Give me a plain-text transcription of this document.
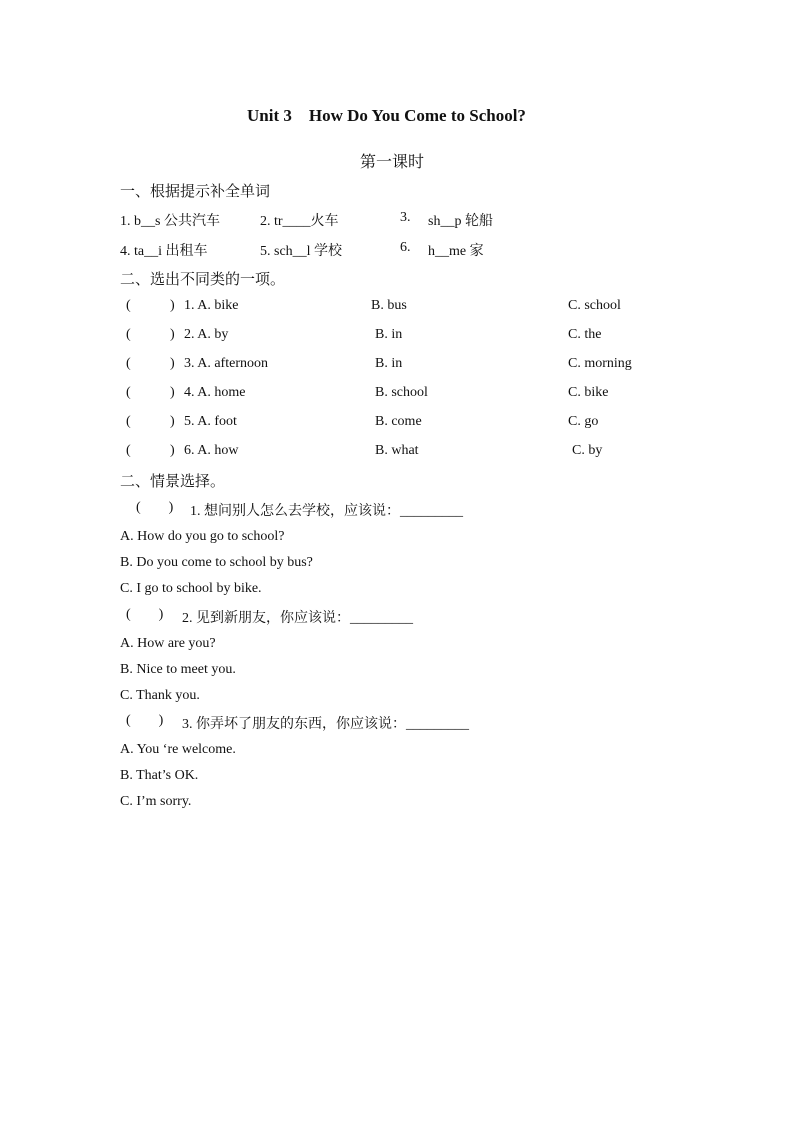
Unit 3 How Do You Come to School?
第一课时
一、根据提示补全单词
1. b__s 公共汽车	2. tr____火车	3. sh__p 轮船
4. ta__i 出租车	5. sch__l 学校	6. h__me 家
二、选出不同类的一项。
(	) 1. A. bike	B. bus	C. school
(	) 2. A. by	B. in	C. the
(	) 3. A. afternoon	B. in	C. morning
(	) 4. A. home	B. school	C. bike
(	) 5. A. foot	B. come	C. go
(	) 6. A. how	B. what	C. by
二、情景选择。
(  ) 1. 想问别人怎么去学校，应该说：_________
A. How do you go to school?
B. Do you come to school by bus?
C. I go to school by bike.
(  ) 2. 见到新朋友，你应该说：_________
A. How are you?
B. Nice to meet you.
C. Thank you.
(  ) 3. 你弄坏了朋友的东西，你应该说：_________
A. You ‘re welcome.
B. That’s OK.
C. I’m sorry.
